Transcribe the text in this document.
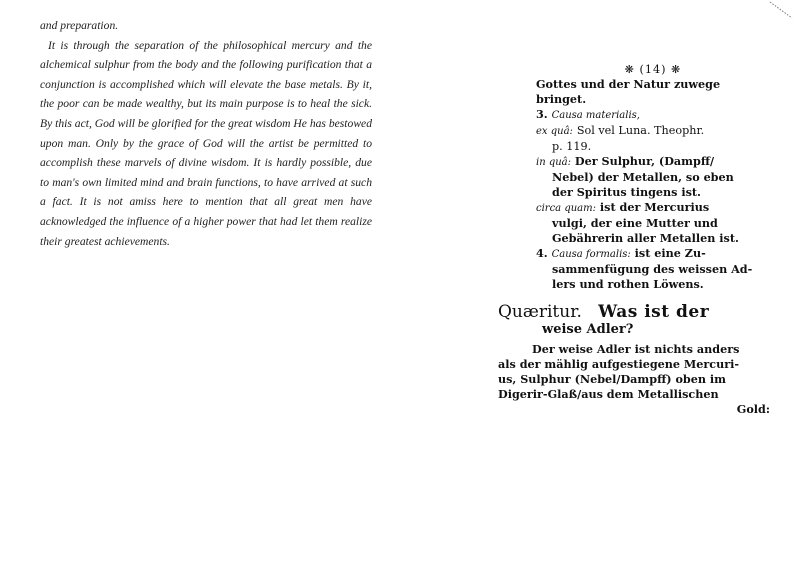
and preparation.

It is through the separation of the philosophical mercury and the alchemical sulphur from the body and the following purification that a conjunction is accomplished which will elevate the base metals. By it, the poor can be made wealthy, but its main purpose is to heal the sick. By this act, God will be glorified for the great wisdom He has bestowed upon man. Only by the grace of God will the artist be permitted to accomplish these marvels of divine wisdom. It is hardly possible, due to man's own limited mind and brain functions, to have arrived at such a fact. It is not amiss here to mention that all great men have acknowledged the influence of a higher power that had let them realize their greatest achievements.

❋ (14) ❋
Gottes und der Natur zuwege
bringet.
3. Causa materialis,
ex quâ: Sol vel Luna. Theophr.
p. 119.
in quâ: Der Sulphur, (Dampff/
Nebel) der Metallen, so eben
der Spiritus tingens ist.
circa quam: ist der Mercurius
vulgi, der eine Mutter und
Gebährerin aller Metallen ist.
4. Causa formalis: ist eine Zu-
sammenfügung des weissen Ad-
lers und rothen Löwens.
Quæritur. Was ist der
weise Adler?
Der weise Adler ist nichts anders
als der mählig aufgestiegene Mercuri-
us, Sulphur (Nebel/Dampff) oben im
Digerir-Glaß/aus dem Metallischen
Gold:
